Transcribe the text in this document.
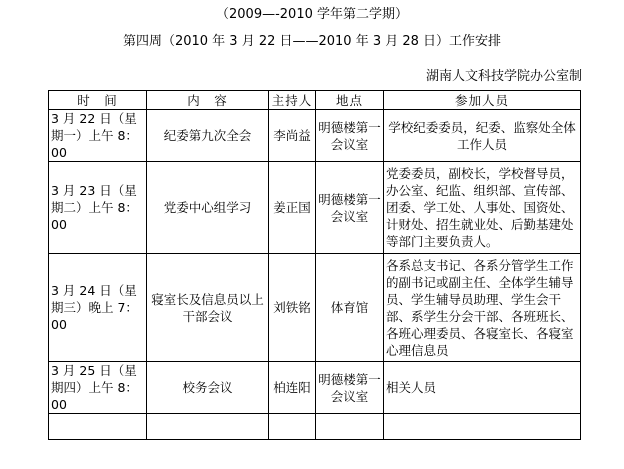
（2009—-2010 学年第二学期）
第四周（2010 年 3 月 22 日——2010 年 3 月 28 日）工作安排
湖南人文科技学院办公室制
时　间	内　容	主持人	地点	参加人员
3 月 22 日（星期一）上午 8：00	纪委第九次全会	李尚益	明德楼第一会议室	学校纪委委员，纪委、监察处全体工作人员
3 月 23 日（星期二）上午 8：00	党委中心组学习	姜正国	明德楼第一会议室	党委委员，副校长，学校督导员，办公室、纪监、组织部、宣传部、团委、学工处、人事处、国资处、计财处、招生就业处、后勤基建处等部门主要负责人。
3 月 24 日（星期三）晚上 7：00	寝室长及信息员以上干部会议	刘铁铭	体育馆	各系总支书记、各系分管学生工作的副书记或副主任、全体学生辅导员、学生辅导员助理、学生会干部、系学生分会干部、各班班长、各班心理委员、各寝室长、各寝室心理信息员
3 月 25 日（星期四）上午 8：00	校务会议	柏连阳	明德楼第一会议室	相关人员
